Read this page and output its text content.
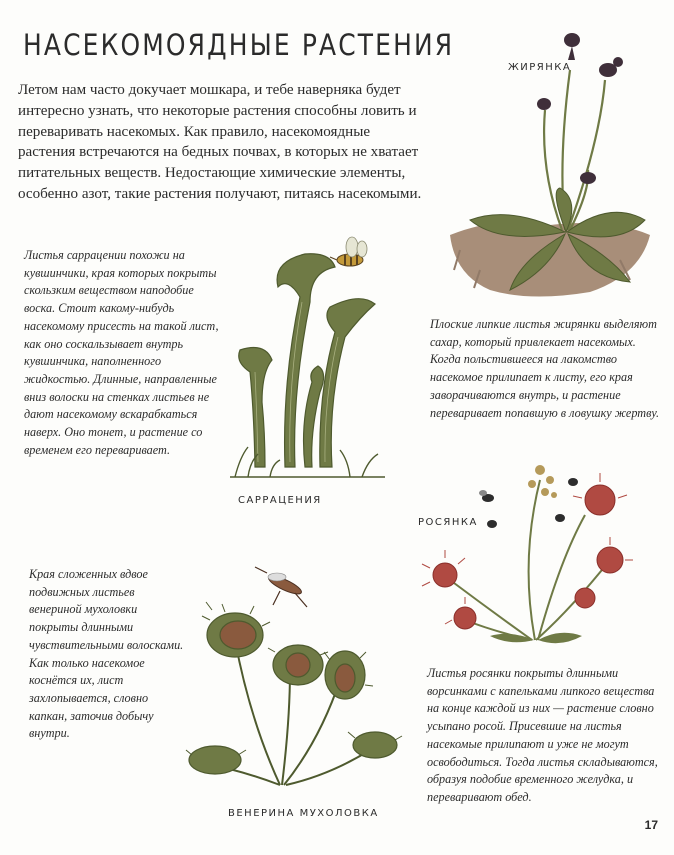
НАСЕКОМОЯДНЫЕ РАСТЕНИЯ

Летом нам часто докучает мошкара, и тебе наверняка будет интересно узнать, что некоторые растения способны ловить и переваривать насекомых. Как правило, насекомоядные растения встречаются на бедных почвах, в которых не хватает питательных веществ. Недостающие химические элементы, особенно азот, такие растения получают, питаясь насекомыми.

ЖИРЯНКА

Плоские липкие листья жирянки выделяют сахар, который привлекает насекомых. Когда польстившееся на лакомство насекомое прилипает к листу, его края заворачиваются внутрь, и растение переваривает попавшую в ловушку жертву.

Листья саррацении похожи на кувшинчики, края которых покрыты скользким веществом наподобие воска. Стоит какому-нибудь насекомому присесть на такой лист, как оно соскальзывает внутрь кувшинчика, наполненного жидкостью. Длинные, направленные вниз волоски на стенках листьев не дают насекомому вскарабкаться наверх. Оно тонет, и растение со временем его переваривает.

САРРАЦЕНИЯ
РОСЯНКА

Листья росянки покрыты длинными ворсинками с капельками липкого вещества на конце каждой из них — растение словно усыпано росой. Присевшие на листья насекомые прилипают и уже не могут освободиться. Тогда листья складываются, образуя подобие временного желудка, и переваривают обед.

Края сложенных вдвое подвижных листьев венериной мухоловки покрыты длинными чувствительными волосками. Как только насекомое коснётся их, лист захлопывается, словно капкан, заточив добычу внутри.

ВЕНЕРИНА МУХОЛОВКА
17
